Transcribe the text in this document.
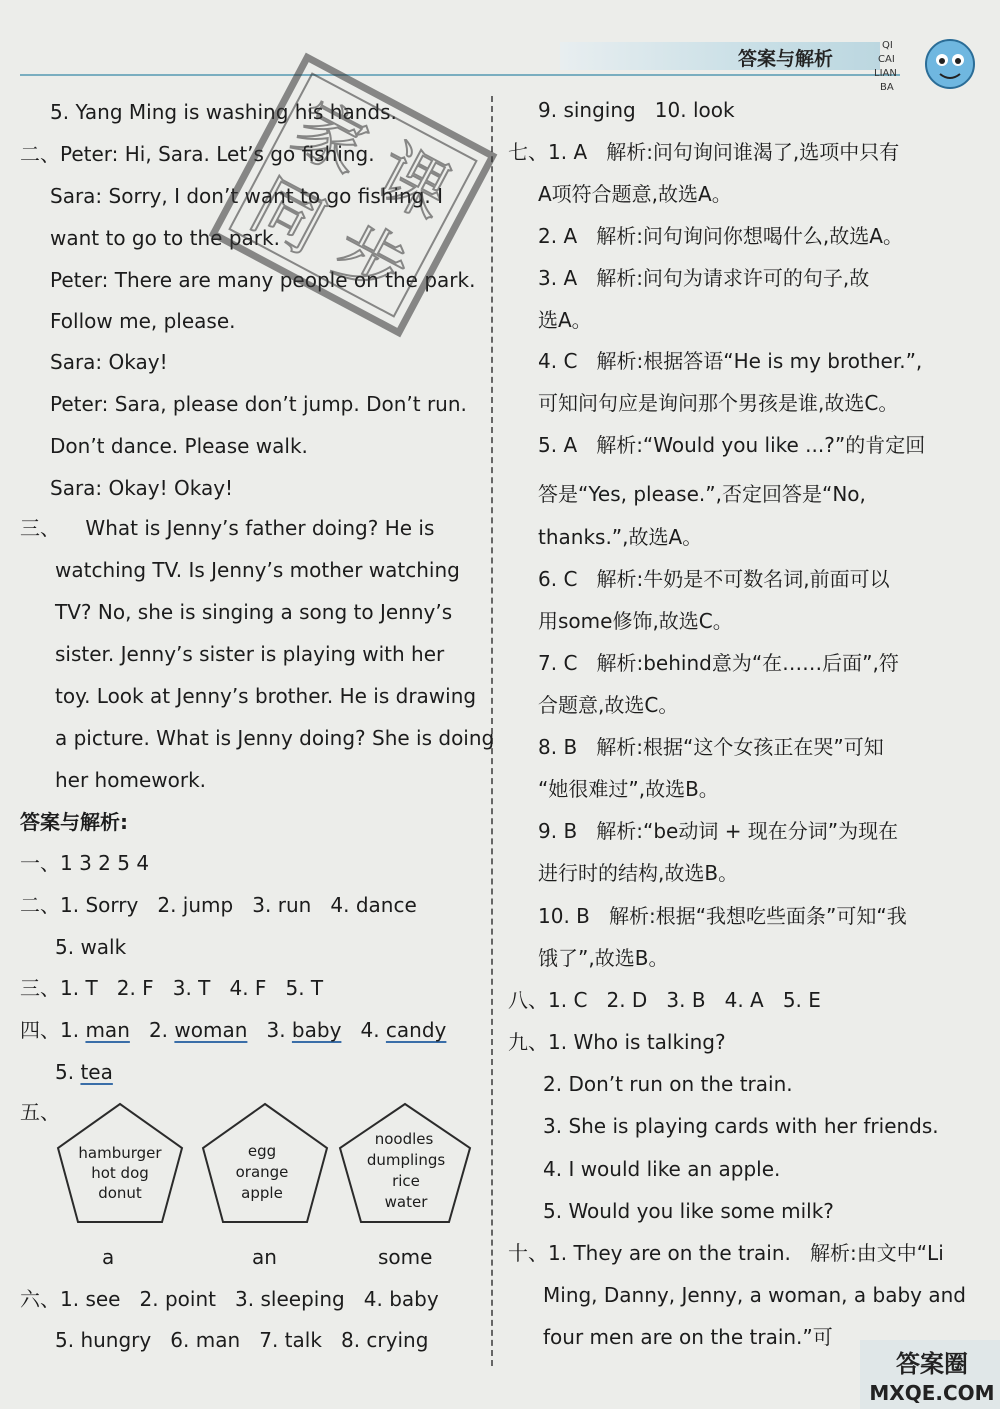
答案与解析
QI
CAI
LIAN
BA
5. Yang Ming is washing his hands.
二、Peter: Hi, Sara. Let’s go fishing.
Sara: Sorry, I don’t want to go fishing. I
want to go to the park.
Peter: There are many people on the park.
Follow me, please.
Sara: Okay!
Peter: Sara, please don’t jump. Don’t run.
Don’t dance. Please walk.
Sara: Okay! Okay!
三、    What is Jenny’s father doing? He is
watching TV. Is Jenny’s mother watching
TV? No, she is singing a song to Jenny’s
sister. Jenny’s sister is playing with her
toy. Look at Jenny’s brother. He is drawing
a picture. What is Jenny doing? She is doing
her homework.
答案与解析:
一、1 3 2 5 4
二、1. Sorry   2. jump   3. run   4. dance
5. walk
三、1. T   2. F   3. T   4. F   5. T
四、1. man   2. woman   3. baby   4. candy
5. tea
五、
hamburger
hot dog
donut
egg
orange
apple
noodles
dumplings
rice
water
a	an	some
六、1. see   2. point   3. sleeping   4. baby
5. hungry   6. man   7. talk   8. crying
9. singing   10. look
七、1. A   解析:问句询问谁渴了,选项中只有
A项符合题意,故选A。
2. A   解析:问句询问你想喝什么,故选A。
3. A   解析:问句为请求许可的句子,故
选A。
4. C   解析:根据答语“He is my brother.”,
可知问句应是询问那个男孩是谁,故选C。
5. A   解析:“Would you like ...?”的肯定回
答是“Yes, please.”,否定回答是“No,
thanks.”,故选A。
6. C   解析:牛奶是不可数名词,前面可以
用some修饰,故选C。
7. C   解析:behind意为“在……后面”,符
合题意,故选C。
8. B   解析:根据“这个女孩正在哭”可知
“她很难过”,故选B。
9. B   解析:“be动词 + 现在分词”为现在
进行时的结构,故选B。
10. B   解析:根据“我想吃些面条”可知“我
饿了”,故选B。
八、1. C   2. D   3. B   4. A   5. E
九、1. Who is talking?
2. Don’t run on the train.
3. She is playing cards with her friends.
4. I would like an apple.
5. Would you like some milk?
十、1. They are on the train.   解析:由文中“Li
Ming, Danny, Jenny, a woman, a baby and
four men are on the train.”可
家
课
同
步
答案圈
MXQE.COM
